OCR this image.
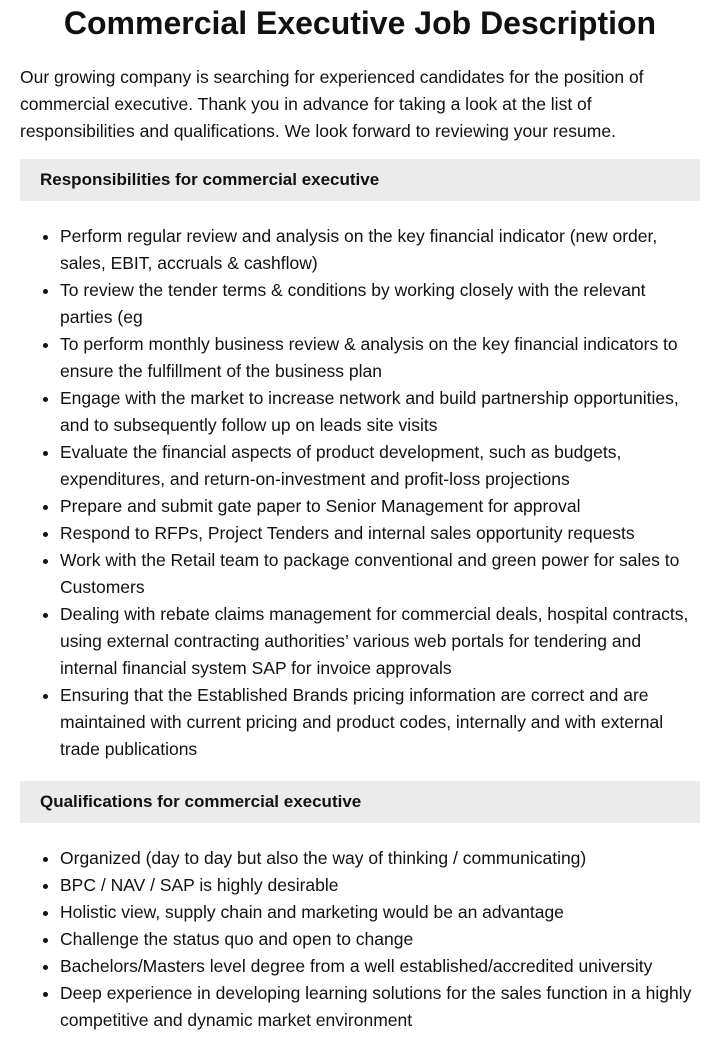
Commercial Executive Job Description

Our growing company is searching for experienced candidates for the position of commercial executive. Thank you in advance for taking a look at the list of responsibilities and qualifications. We look forward to reviewing your resume.

Responsibilities for commercial executive
• Perform regular review and analysis on the key financial indicator (new order, sales, EBIT, accruals & cashflow)
• To review the tender terms & conditions by working closely with the relevant parties (eg
• To perform monthly business review & analysis on the key financial indicators to ensure the fulfillment of the business plan
• Engage with the market to increase network and build partnership opportunities, and to subsequently follow up on leads site visits
• Evaluate the financial aspects of product development, such as budgets, expenditures, and return-on-investment and profit-loss projections
• Prepare and submit gate paper to Senior Management for approval
• Respond to RFPs, Project Tenders and internal sales opportunity requests
• Work with the Retail team to package conventional and green power for sales to Customers
• Dealing with rebate claims management for commercial deals, hospital contracts, using external contracting authorities’ various web portals for tendering and internal financial system SAP for invoice approvals
• Ensuring that the Established Brands pricing information are correct and are maintained with current pricing and product codes, internally and with external trade publications
Qualifications for commercial executive
• Organized (day to day but also the way of thinking / communicating)
• BPC / NAV / SAP is highly desirable
• Holistic view, supply chain and marketing would be an advantage
• Challenge the status quo and open to change
• Bachelors/Masters level degree from a well established/accredited university
• Deep experience in developing learning solutions for the sales function in a highly competitive and dynamic market environment
